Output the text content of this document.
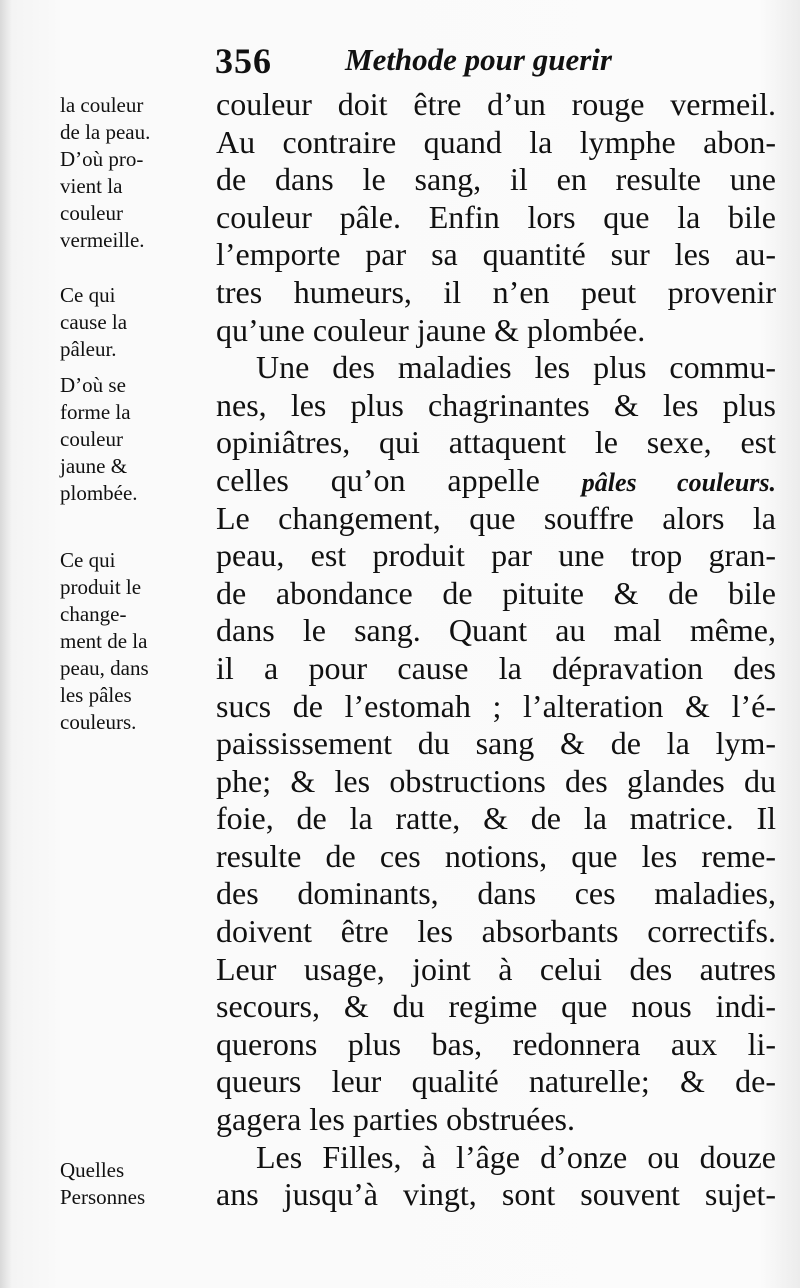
356 Methode pour guerir

la couleur
de la peau.
D’où pro-
vient la
couleur
vermeille.

Ce qui
cause la
pâleur.

D’où se
forme la
couleur
jaune &
plombée.

Ce qui
produit le
change-
ment de la
peau, dans
les pâles
couleurs.

Quelles
Personnes

couleur doit être d’un rouge vermeil.

Au contraire quand la lymphe abon-

de dans le sang, il en resulte une

couleur pâle. Enfin lors que la bile

l’emporte par sa quantité sur les au-

tres humeurs, il n’en peut provenir

qu’une couleur jaune & plombée.

Une des maladies les plus commu-

nes, les plus chagrinantes & les plus

opiniâtres, qui attaquent le sexe, est

celles qu’on appelle pâles couleurs.

Le changement, que souffre alors la

peau, est produit par une trop gran-

de abondance de pituite & de bile

dans le sang. Quant au mal même,

il a pour cause la dépravation des

sucs de l’estomah ; l’alteration & l’é-

paississement du sang & de la lym-

phe; & les obstructions des glandes du

foie, de la ratte, & de la matrice. Il

resulte de ces notions, que les reme-

des dominants, dans ces maladies,

doivent être les absorbants correctifs.

Leur usage, joint à celui des autres

secours, & du regime que nous indi-

querons plus bas, redonnera aux li-

queurs leur qualité naturelle; & de-

gagera les parties obstruées.

Les Filles, à l’âge d’onze ou douze

ans jusqu’à vingt, sont souvent sujet-
